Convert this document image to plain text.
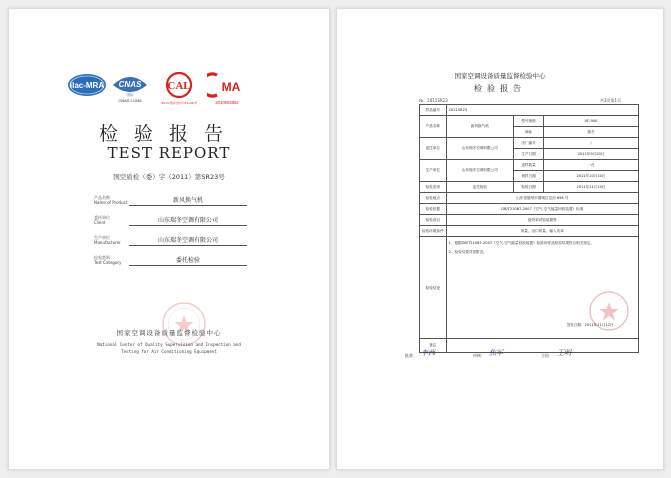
ilac-MRA CNAS
国际
CNAS L1046
CAL
(2011)国认(国)字(Z1146)号
MA
2010002852
检验报告
TEST REPORT
国空质检（委）字（2011）第SR23号
产品名称
Name of Product	新风换气机
委托单位
Client	山东瑞冬空调有限公司
生产单位
Manufacturer	山东瑞冬空调有限公司
检验类别
Test Category	委托检验
国家空调设备质量监督检验中心
National Center of Quality Supervision and Inspection and
Testing for Air Conditioning Equipment
国家空调设备质量监督检验中心
检验报告
№：2011SR23	共3页第1页
样品编号	2011SR23		
产品名称	新风换气机	型号规格	XF-900
		商标	瑞冬
委托单位	山东瑞冬空调有限公司	出厂编号	/
		生产日期	2011年9月20日
生产单位	山东瑞冬空调有限公司	送样数量	一台
		到样日期	2011年10月10日
检验类别	委托检验	检验日期	2011年11月10日
检验地点	山东省德州市德城区岔河 658 号		
检验依据	GB/T21087-2007《空气-空气能量回收装置》标准		
检验项目	焓效率试验装置等		
检验环境条件	风量、出口风量、输入功率		
检验结论	1、根据GB/T21087-2007《空气-空气能量回收装置》标准该样品检验结果符合相关规定。
2、检验结果详见附页。
签发日期：2011年11月12日		

备注			
批准： 李西	审核： 焦军	主检： 王明
